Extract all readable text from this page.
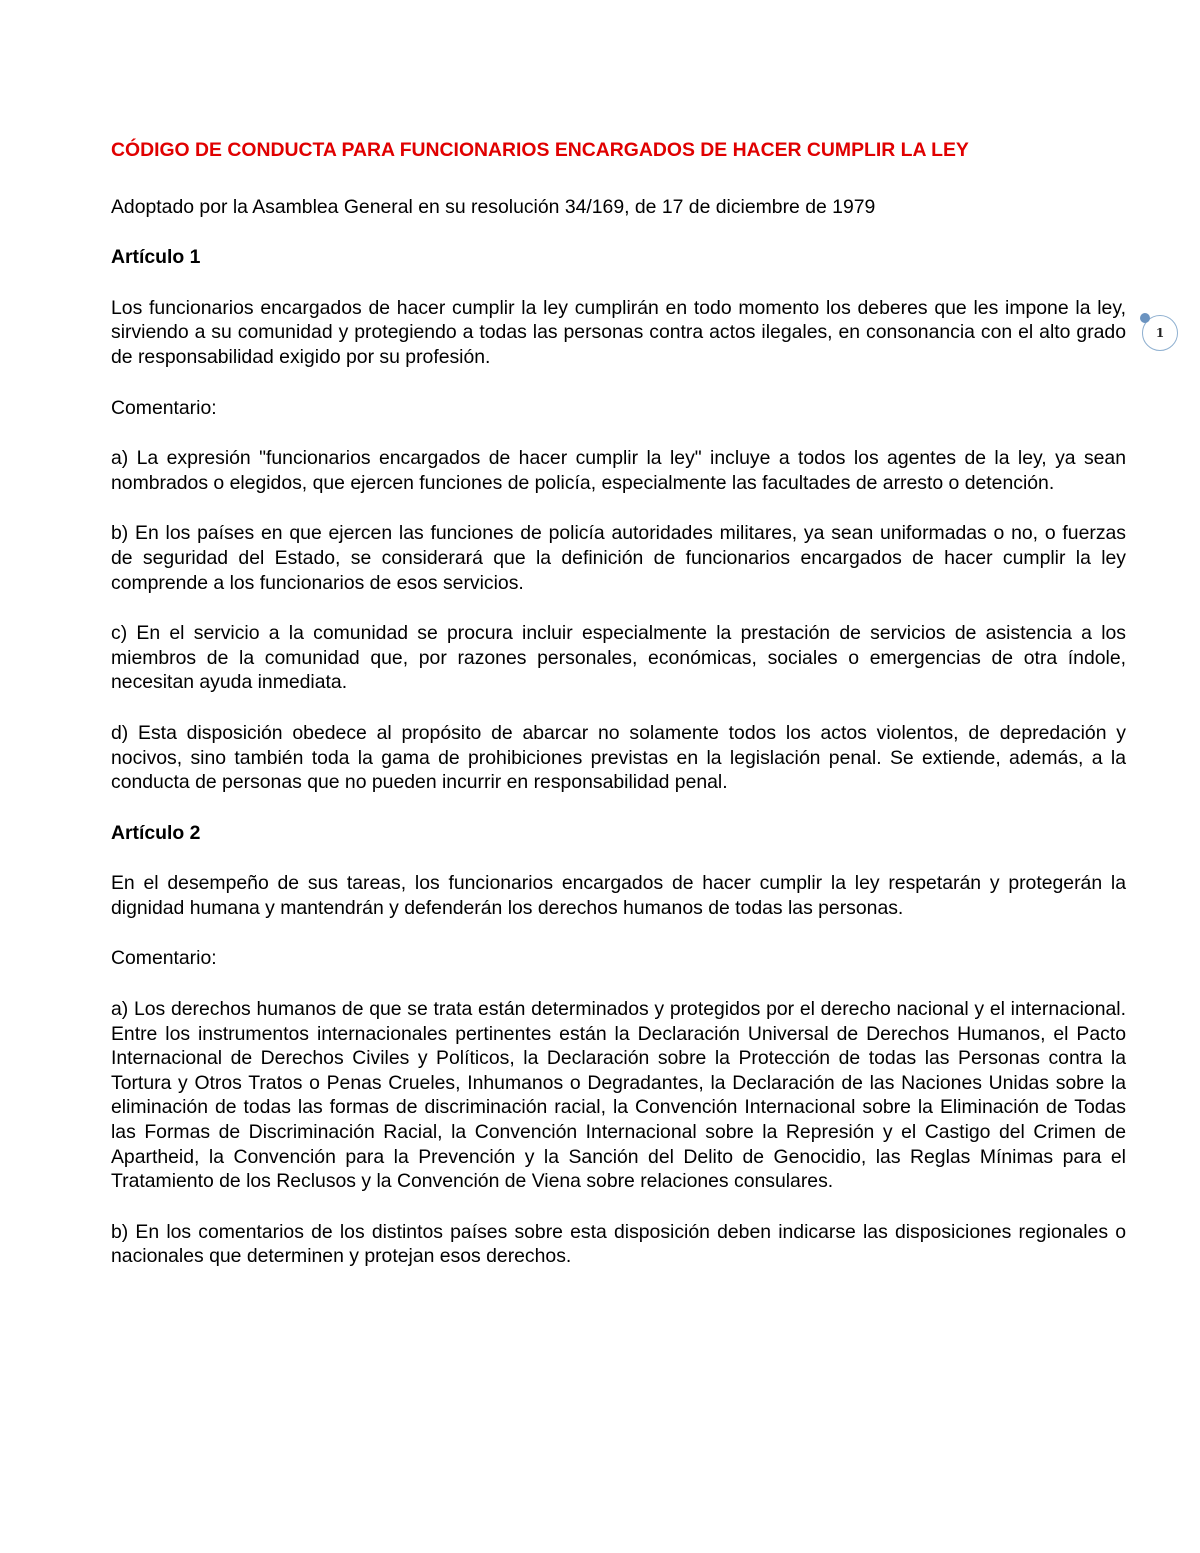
CÓDIGO DE CONDUCTA PARA FUNCIONARIOS ENCARGADOS DE HACER CUMPLIR LA LEY
Adoptado por la Asamblea General en su resolución 34/169, de 17 de diciembre de 1979
Artículo 1
Los funcionarios encargados de hacer cumplir la ley cumplirán en todo momento los deberes que les impone la ley, sirviendo a su comunidad y protegiendo a todas las personas contra actos ilegales, en consonancia con el alto grado de responsabilidad exigido por su profesión.
Comentario:
a) La expresión "funcionarios encargados de hacer cumplir la ley" incluye a todos los agentes de la ley, ya sean nombrados o elegidos, que ejercen funciones de policía, especialmente las facultades de arresto o detención.
b) En los países en que ejercen las funciones de policía autoridades militares, ya sean uniformadas o no, o fuerzas de seguridad del Estado, se considerará que la definición de funcionarios encargados de hacer cumplir la ley comprende a los funcionarios de esos servicios.
c) En el servicio a la comunidad se procura incluir especialmente la prestación de servicios de asistencia a los miembros de la comunidad que, por razones personales, económicas, sociales o emergencias de otra índole, necesitan ayuda inmediata.
d) Esta disposición obedece al propósito de abarcar no solamente todos los actos violentos, de depredación y nocivos, sino también toda la gama de prohibiciones previstas en la legislación penal. Se extiende, además, a la conducta de personas que no pueden incurrir en responsabilidad penal.
Artículo 2
En el desempeño de sus tareas, los funcionarios encargados de hacer cumplir la ley respetarán y protegerán la dignidad humana y mantendrán y defenderán los derechos humanos de todas las personas.
Comentario:
a) Los derechos humanos de que se trata están determinados y protegidos por el derecho nacional y el internacional. Entre los instrumentos internacionales pertinentes están la Declaración Universal de Derechos Humanos, el Pacto Internacional de Derechos Civiles y Políticos, la Declaración sobre la Protección de todas las Personas contra la Tortura y Otros Tratos o Penas Crueles, Inhumanos o Degradantes, la Declaración de las Naciones Unidas sobre la eliminación de todas las formas de discriminación racial, la Convención Internacional sobre la Eliminación de Todas las Formas de Discriminación Racial, la Convención Internacional sobre la Represión y el Castigo del Crimen de Apartheid, la Convención para la Prevención y la Sanción del Delito de Genocidio, las Reglas Mínimas para el Tratamiento de los Reclusos y la Convención de Viena sobre relaciones consulares.
b) En los comentarios de los distintos países sobre esta disposición deben indicarse las disposiciones regionales o nacionales que determinen y protejan esos derechos.
1
